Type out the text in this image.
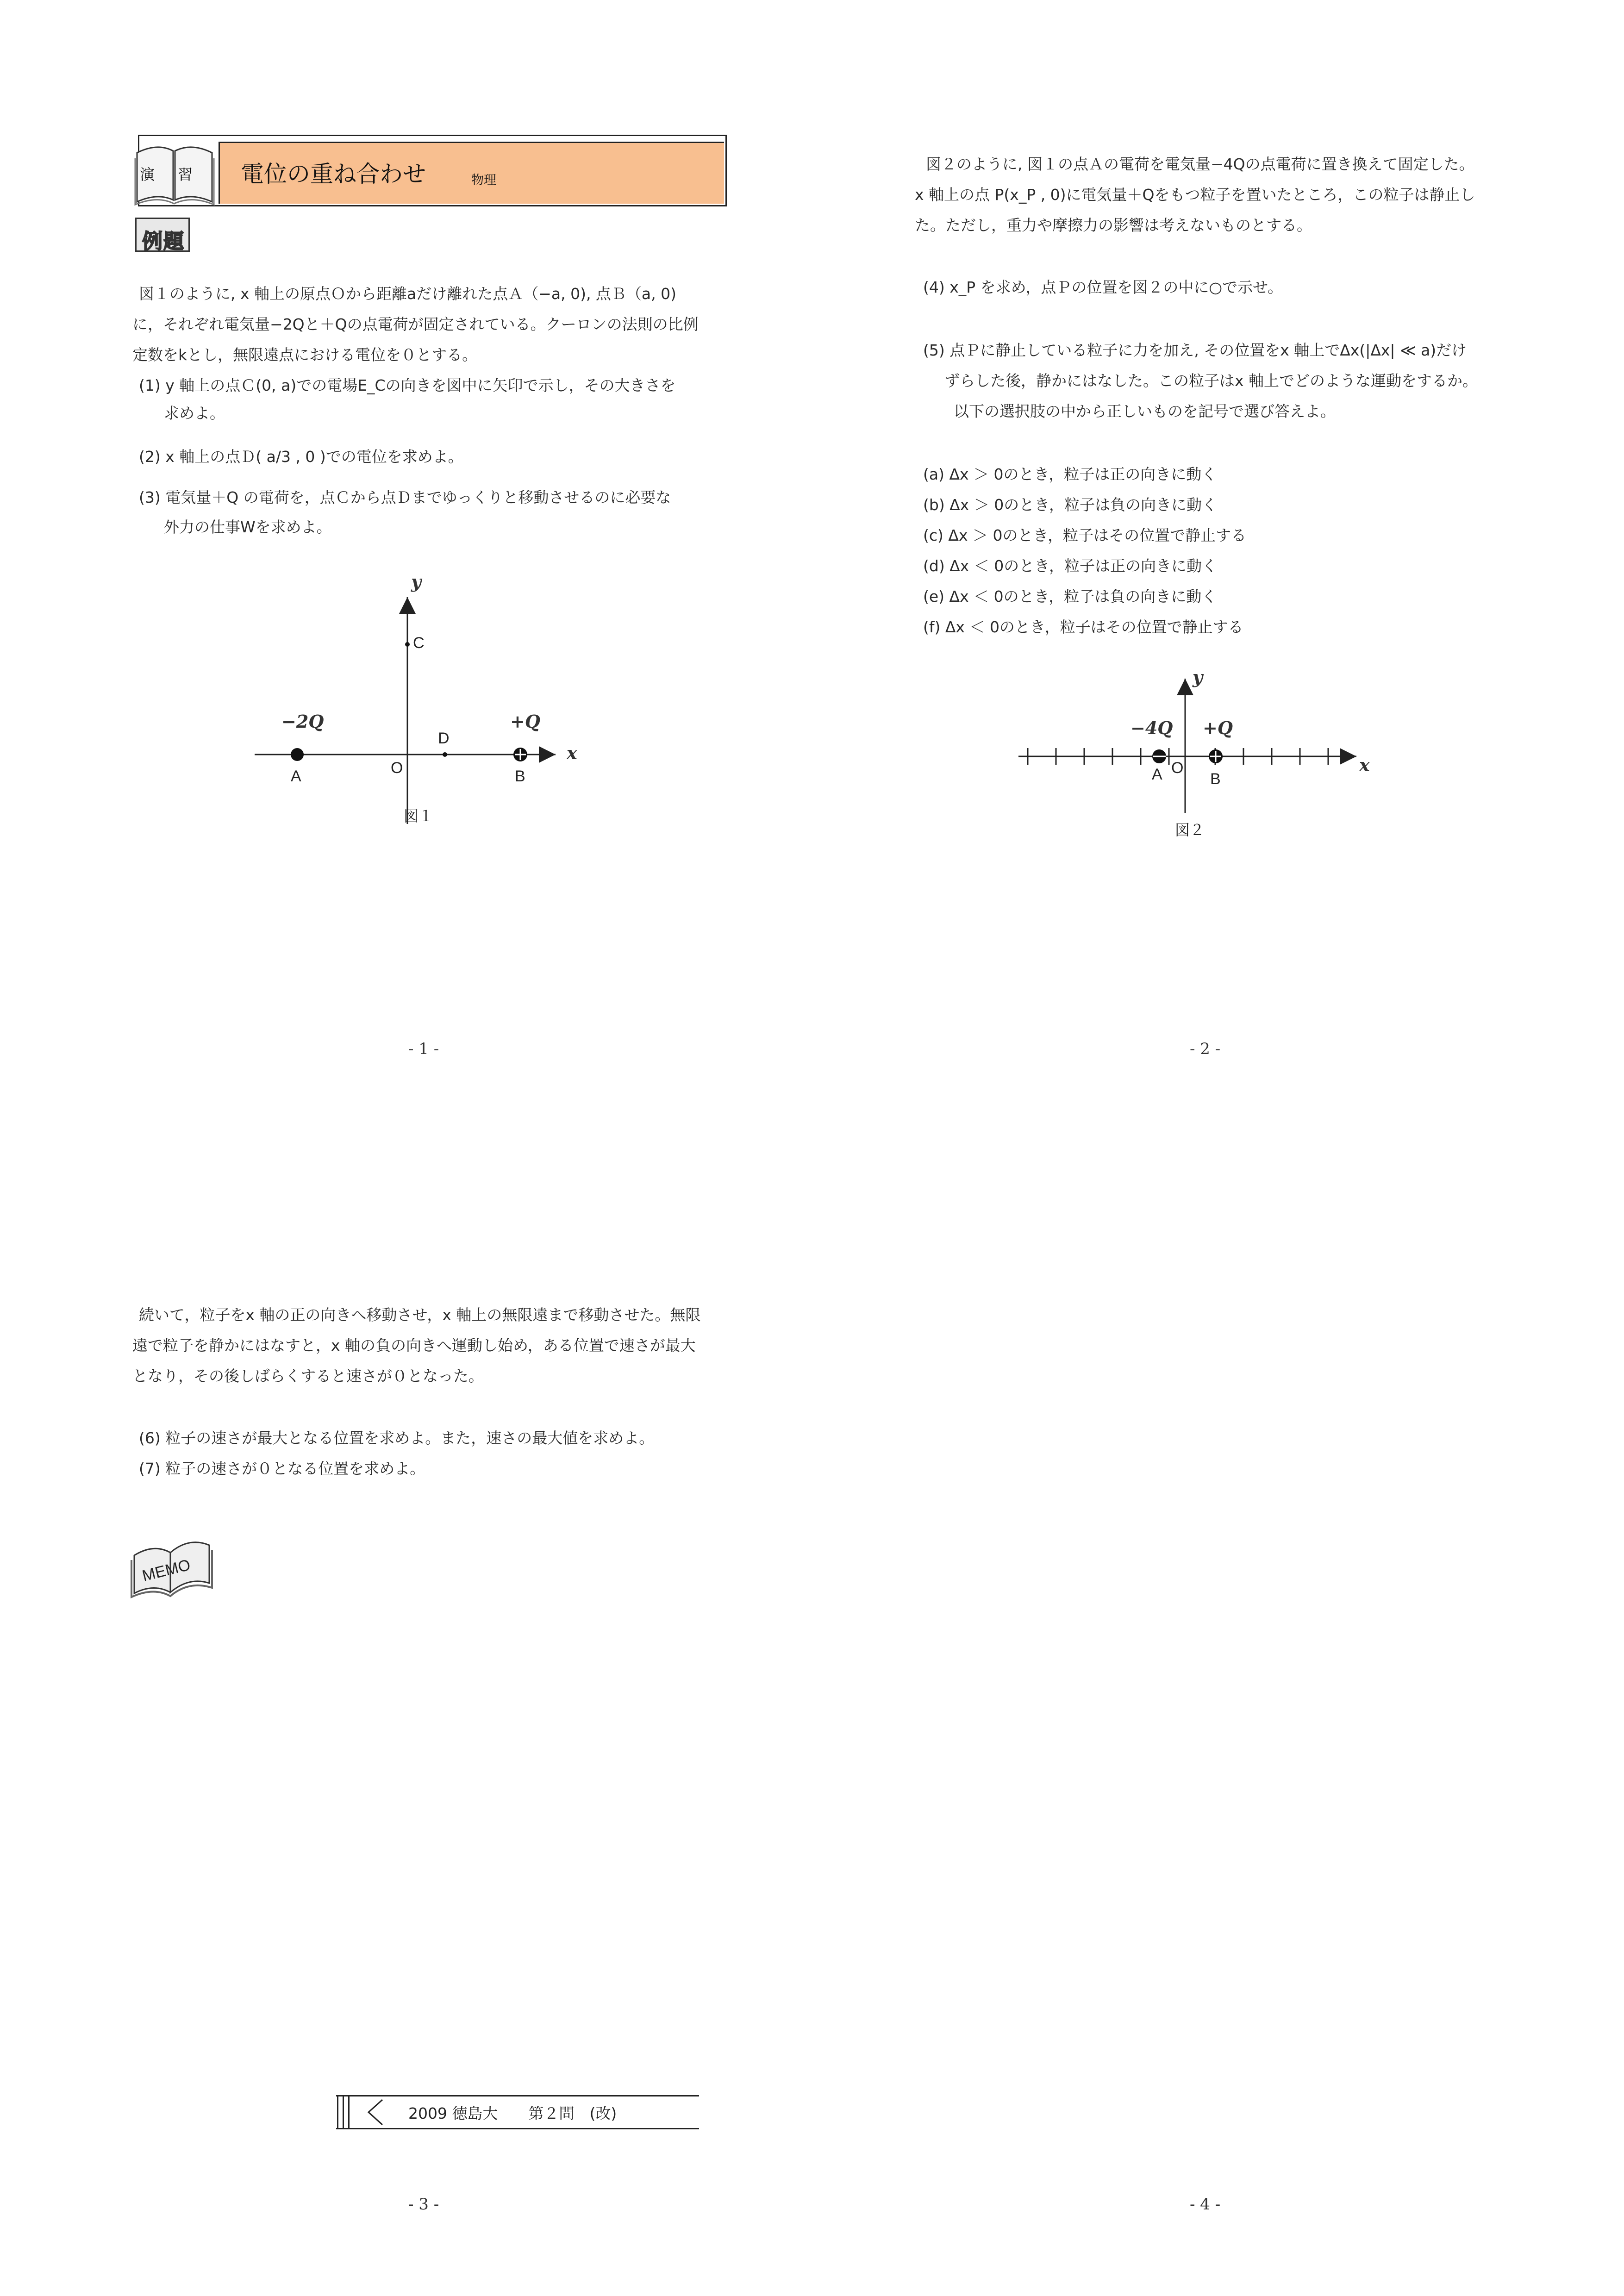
演 習 電位の重ね合わせ	物理
例題
図１のように, x 軸上の原点Ｏから距離aだけ離れた点Ａ（−a, 0), 点Ｂ（a, 0)
に，それぞれ電気量−2Qと＋Qの点電荷が固定されている。クーロンの法則の比例
定数をkとし，無限遠点における電位を０とする。
(1) y 軸上の点Ｃ(0, a)での電場E_Cの向きを図中に矢印で示し，その大きさを
求めよ。
(2) x 軸上の点Ｄ( a/3 , 0 )での電位を求めよ。
(3) 電気量＋Q の電荷を，点Ｃから点Ｄまでゆっくりと移動させるのに必要な
外力の仕事Wを求めよ。
C
D
O
A	B
−2Q	+Q
x
y
図１
- 1 -
図２のように, 図１の点Ａの電荷を電気量−4Qの点電荷に置き換えて固定した。
x 軸上の点 P(x_P , 0)に電気量＋Qをもつ粒子を置いたところ，この粒子は静止し
た。ただし，重力や摩擦力の影響は考えないものとする。
(4) x_P を求め，点Ｐの位置を図２の中に○で示せ。
(5) 点Ｐに静止している粒子に力を加え, その位置をx 軸上でΔx(|Δx| ≪ a)だけ
ずらした後，静かにはなした。この粒子はx 軸上でどのような運動をするか。
以下の選択肢の中から正しいものを記号で選び答えよ。
(a) Δx ＞ 0のとき，粒子は正の向きに動く
(b) Δx ＞ 0のとき，粒子は負の向きに動く
(c) Δx ＞ 0のとき，粒子はその位置で静止する
(d) Δx ＜ 0のとき，粒子は正の向きに動く
(e) Δx ＜ 0のとき，粒子は負の向きに動く
(f) Δx ＜ 0のとき，粒子はその位置で静止する
A O
B
−4Q +Q
x
y
図２
- 2 -
続いて，粒子をx 軸の正の向きへ移動させ，x 軸上の無限遠まで移動させた。無限
遠で粒子を静かにはなすと，x 軸の負の向きへ運動し始め，ある位置で速さが最大
となり，その後しばらくすると速さが０となった。
(6) 粒子の速さが最大となる位置を求めよ。また，速さの最大値を求めよ。
(7) 粒子の速さが０となる位置を求めよ。
MEMO
2009 徳島大　　第２問　(改)
- 3 -	- 4 -
